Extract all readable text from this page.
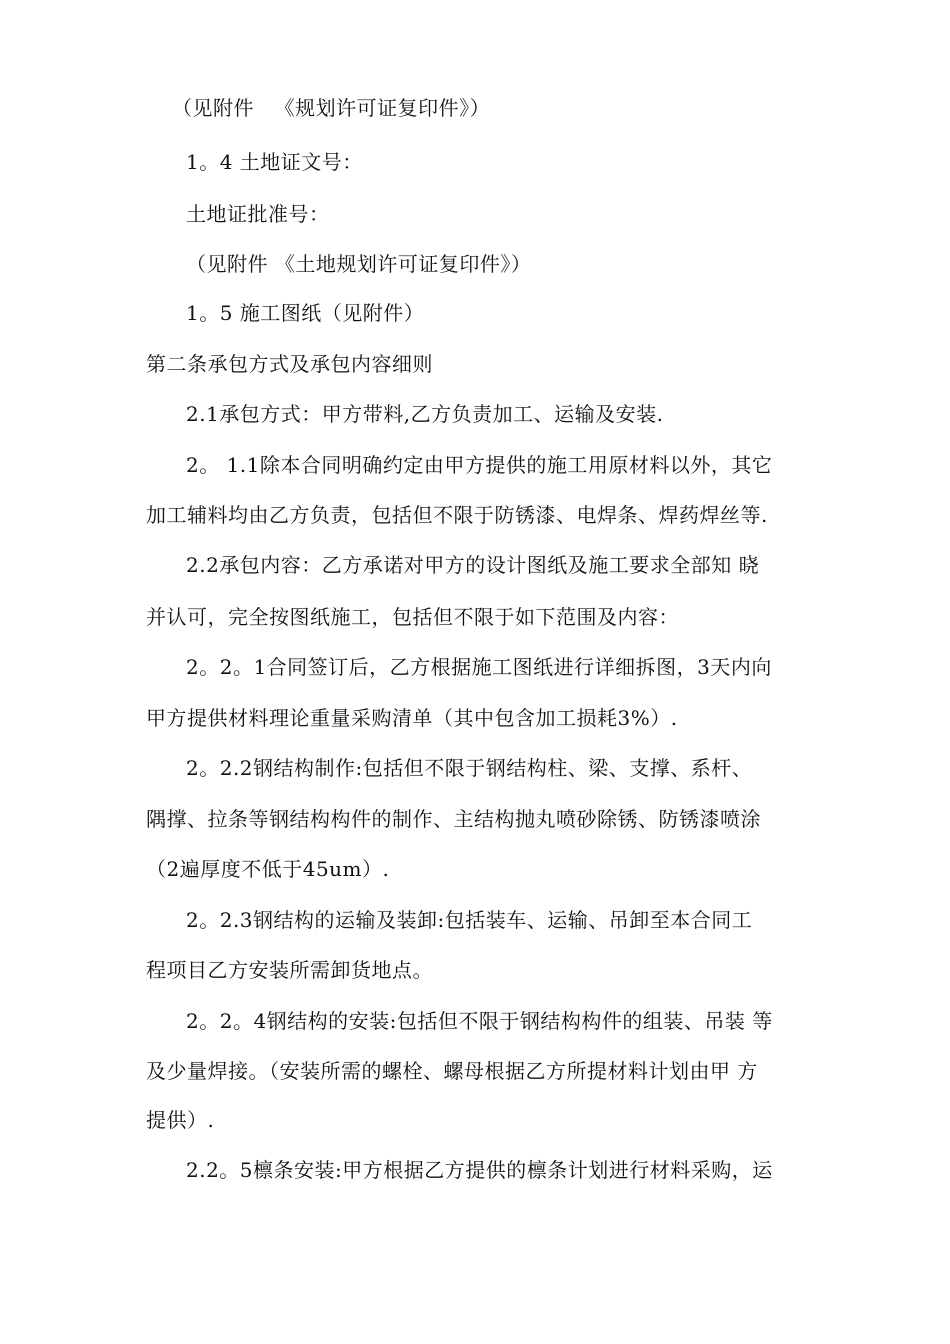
（见附件   《规划许可证复印件》）
1。4 土地证文号：
土地证批准号：
（见附件 《土地规划许可证复印件》）
1。5 施工图纸（见附件）
第二条承包方式及承包内容细则
2.1承包方式：甲方带料,乙方负责加工、运输及安装.
2。 1.1除本合同明确约定由甲方提供的施工用原材料以外，其它
加工辅料均由乙方负责，包括但不限于防锈漆、电焊条、焊药焊丝等.
2.2承包内容：乙方承诺对甲方的设计图纸及施工要求全部知 晓
并认可，完全按图纸施工，包括但不限于如下范围及内容：
2。2。1合同签订后，乙方根据施工图纸进行详细拆图，3天内向
甲方提供材料理论重量采购清单（其中包含加工损耗3%）.
2。2.2钢结构制作:包括但不限于钢结构柱、梁、支撑、系杆、
隅撑、拉条等钢结构构件的制作、主结构抛丸喷砂除锈、防锈漆喷涂
（2遍厚度不低于45um）.
2。2.3钢结构的运输及装卸:包括装车、运输、吊卸至本合同工
程项目乙方安装所需卸货地点。
2。2。4钢结构的安装:包括但不限于钢结构构件的组装、吊装 等
及少量焊接。（安装所需的螺栓、螺母根据乙方所提材料计划由甲 方
提供）.
2.2。5檩条安装:甲方根据乙方提供的檩条计划进行材料采购，运
